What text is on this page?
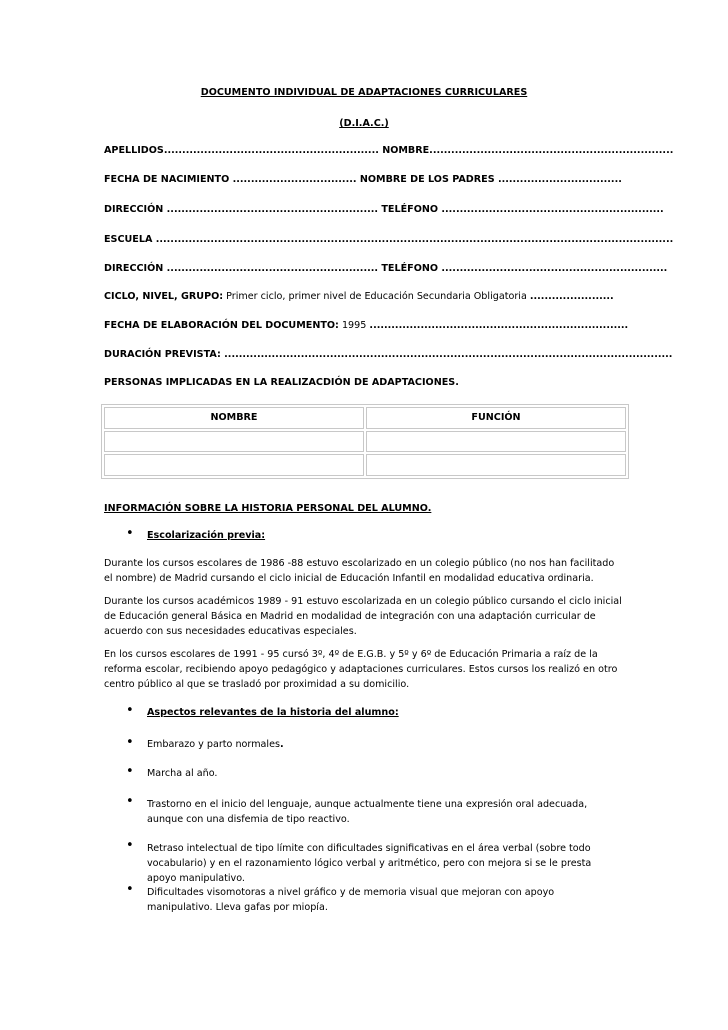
DOCUMENTO INDIVIDUAL DE ADAPTACIONES CURRICULARES
(D.I.A.C.)
APELLIDOS........................................................... NOMBRE...................................................................
FECHA DE NACIMIENTO .................................. NOMBRE DE LOS PADRES ..................................
DIRECCIÓN .......................................................... TELÉFONO .............................................................
ESCUELA ..............................................................................................................................................
DIRECCIÓN .......................................................... TELÉFONO ..............................................................
CICLO, NIVEL, GRUPO: Primer ciclo, primer nivel de Educación Secundaria Obligatoria .......................
FECHA DE ELABORACIÓN DEL DOCUMENTO: 1995 .......................................................................
DURACIÓN PREVISTA: ...........................................................................................................................
PERSONAS IMPLICADAS EN LA REALIZACDIÓN DE ADAPTACIONES.
NOMBRE	FUNCIÓN

INFORMACIÓN SOBRE LA HISTORIA PERSONAL DEL ALUMNO.
• Escolarización previa:
Durante los cursos escolares de 1986 -88 estuvo escolarizado en un colegio público (no nos han facilitado el nombre) de Madrid cursando el ciclo inicial de Educación Infantil en modalidad educativa ordinaria.
Durante los cursos académicos 1989 - 91 estuvo escolarizada en un colegio público cursando el ciclo inicial de Educación general Básica en Madrid en modalidad de integración con una adaptación curricular de acuerdo con sus necesidades educativas especiales.
En los cursos escolares de 1991 - 95 cursó 3º, 4º de E.G.B. y 5º y 6º de Educación Primaria a raíz de la reforma escolar, recibiendo apoyo pedagógico y adaptaciones curriculares. Estos cursos los realizó en otro centro público al que se trasladó por proximidad a su domicilio.
• Aspectos relevantes de la historia del alumno:
• Embarazo y parto normales.
• Marcha al año.
• Trastorno en el inicio del lenguaje, aunque actualmente tiene una expresión oral adecuada, aunque con una disfemia de tipo reactivo.
• Retraso intelectual de tipo límite con dificultades significativas en el área verbal (sobre todo vocabulario) y en el razonamiento lógico verbal y aritmético, pero con mejora si se le presta apoyo manipulativo.
• Dificultades visomotoras a nivel gráfico y de memoria visual que mejoran con apoyo manipulativo. Lleva gafas por miopía.
